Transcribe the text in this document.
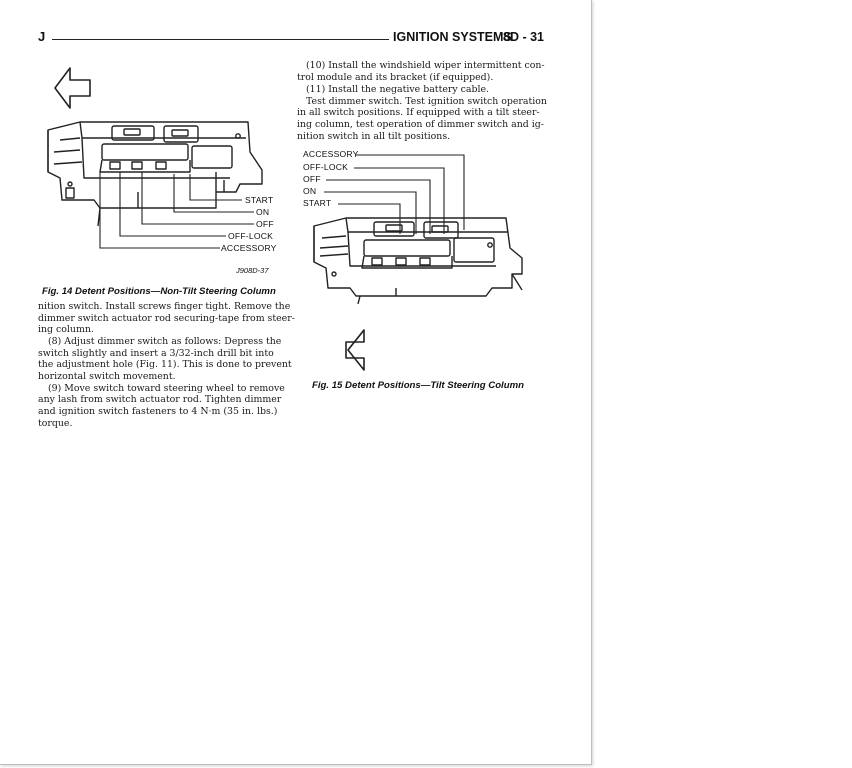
J	IGNITION SYSTEMS
8D - 31
START
ON
OFF
OFF-LOCK
ACCESSORY
J908D-37
Fig. 14 Detent Positions—Non-Tilt Steering Column
nition switch. Install screws finger tight. Remove the
dimmer switch actuator rod securing-tape from steer-
ing column.
(8) Adjust dimmer switch as follows: Depress the
switch slightly and insert a 3/32-inch drill bit into
the adjustment hole (Fig. 11). This is done to prevent
horizontal switch movement.
(9) Move switch toward steering wheel to remove
any lash from switch actuator rod. Tighten dimmer
and ignition switch fasteners to 4 N·m (35 in. lbs.)
torque.
(10) Install the windshield wiper intermittent con-
trol module and its bracket (if equipped).
(11) Install the negative battery cable.
Test dimmer switch. Test ignition switch operation
in all switch positions. If equipped with a tilt steer-
ing column, test operation of dimmer switch and ig-
nition switch in all tilt positions.
ACCESSORY
OFF-LOCK
OFF
ON
START
Fig. 15 Detent Positions—Tilt Steering Column
